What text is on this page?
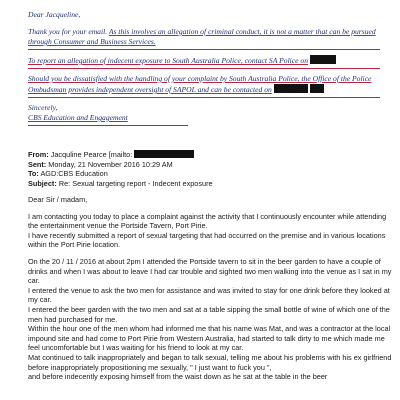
Dear Jacqueline,

Thank you for your email. As this involves an allegation of criminal conduct, it is not a matter that can be pursued through Consumer and Business Services.

To report an allegation of indecent exposure to South Australia Police, contact SA Police on

Should you be dissatisfied with the handling of your complaint by South Australia Police, the Office of the Police Ombudsman provides independent oversight of SAPOL and can be contacted on

Sincerely,

CBS Education and Engagement

From: Jacquline Pearce [mailto:
Sent: Monday, 21 November 2016 10:29 AM
To: AGD:CBS Education
Subject: Re: Sexual targeting report - Indecent exposure

Dear Sir / madam,

I am contacting you today to place a complaint against the activity that I continuously encounter while attending the entertainment venue the Portside Tavern, Port Pirie.

I have recently submitted a report of sexual targeting that had occurred on the premise and in various locations within the Port Pirie location.

On the 20 / 11 / 2016 at about 2pm I attended the Portside tavern to sit in the beer garden to have a couple of drinks and when I was about to leave I had car trouble and sighted two men walking into the venue as I sat in my car.

I entered the venue to ask the two men for assistance and was invited to stay for one drink before they looked at my car.

I entered the beer garden with the two men and sat at a table sipping the small bottle of wine of which one of the men had purchased for me.

Within the hour one of the men whom had informed me that his name was Mat, and was a contractor at the local impound site and had come to Port Pirie from Western Australia, had started to talk dirty to me which made me feel uncomfortable but I was waiting for his friend to look at my car.

Mat continued to talk inappropriately and began to talk sexual, telling me about his problems with his ex girlfriend before inappropriately propositioning me sexually, " I just want to fuck you ",

and before indecently exposing himself from the waist down as he sat at the table in the beer
